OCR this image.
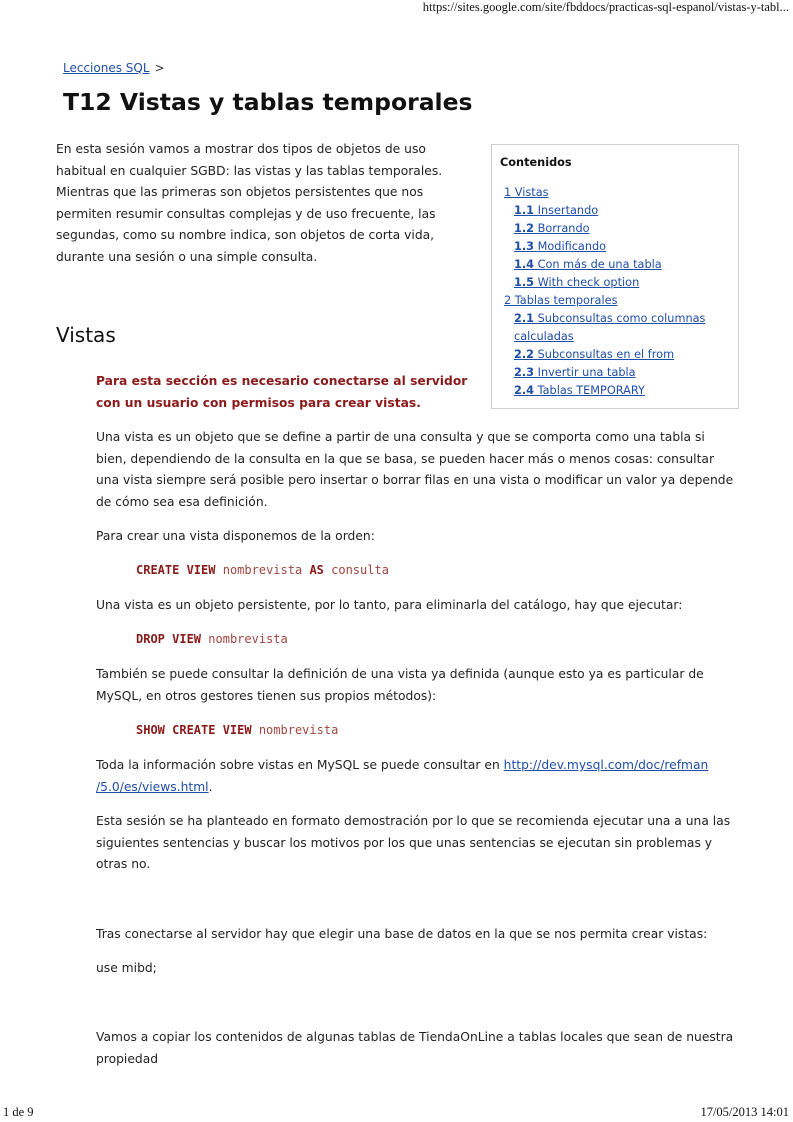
https://sites.google.com/site/fbddocs/practicas-sql-espanol/vistas-y-tabl...
Lecciones SQL >
T12 Vistas y tablas temporales

En esta sesión vamos a mostrar dos tipos de objetos de uso habitual en cualquier SGBD: las vistas y las tablas temporales. Mientras que las primeras son objetos persistentes que nos permiten resumir consultas complejas y de uso frecuente, las segundas, como su nombre indica, son objetos de corta vida, durante una sesión o una simple consulta.

Contenidos
1 Vistas
1.1 Insertando
1.2 Borrando
1.3 Modificando
1.4 Con más de una tabla
1.5 With check option
2 Tablas temporales
2.1 Subconsultas como columnas calculadas
2.2 Subconsultas en el from
2.3 Invertir una tabla
2.4 Tablas TEMPORARY
Vistas

Para esta sección es necesario conectarse al servidor con un usuario con permisos para crear vistas.

Una vista es un objeto que se define a partir de una consulta y que se comporta como una tabla si bien, dependiendo de la consulta en la que se basa, se pueden hacer más o menos cosas: consultar una vista siempre será posible pero insertar o borrar filas en una vista o modificar un valor ya depende de cómo sea esa definición.

Para crear una vista disponemos de la orden:

CREATE VIEW nombrevista AS consulta

Una vista es un objeto persistente, por lo tanto, para eliminarla del catálogo, hay que ejecutar:

DROP VIEW nombrevista

También se puede consultar la definición de una vista ya definida (aunque esto ya es particular de MySQL, en otros gestores tienen sus propios métodos):

SHOW CREATE VIEW nombrevista

Toda la información sobre vistas en MySQL se puede consultar en http://dev.mysql.com/doc/refman
/5.0/es/views.html.

Esta sesión se ha planteado en formato demostración por lo que se recomienda ejecutar una a una las siguientes sentencias y buscar los motivos por los que unas sentencias se ejecutan sin problemas y otras no.

Tras conectarse al servidor hay que elegir una base de datos en la que se nos permita crear vistas:

use mibd;

Vamos a copiar los contenidos de algunas tablas de TiendaOnLine a tablas locales que sean de nuestra propiedad

1 de 9	17/05/2013 14:01
